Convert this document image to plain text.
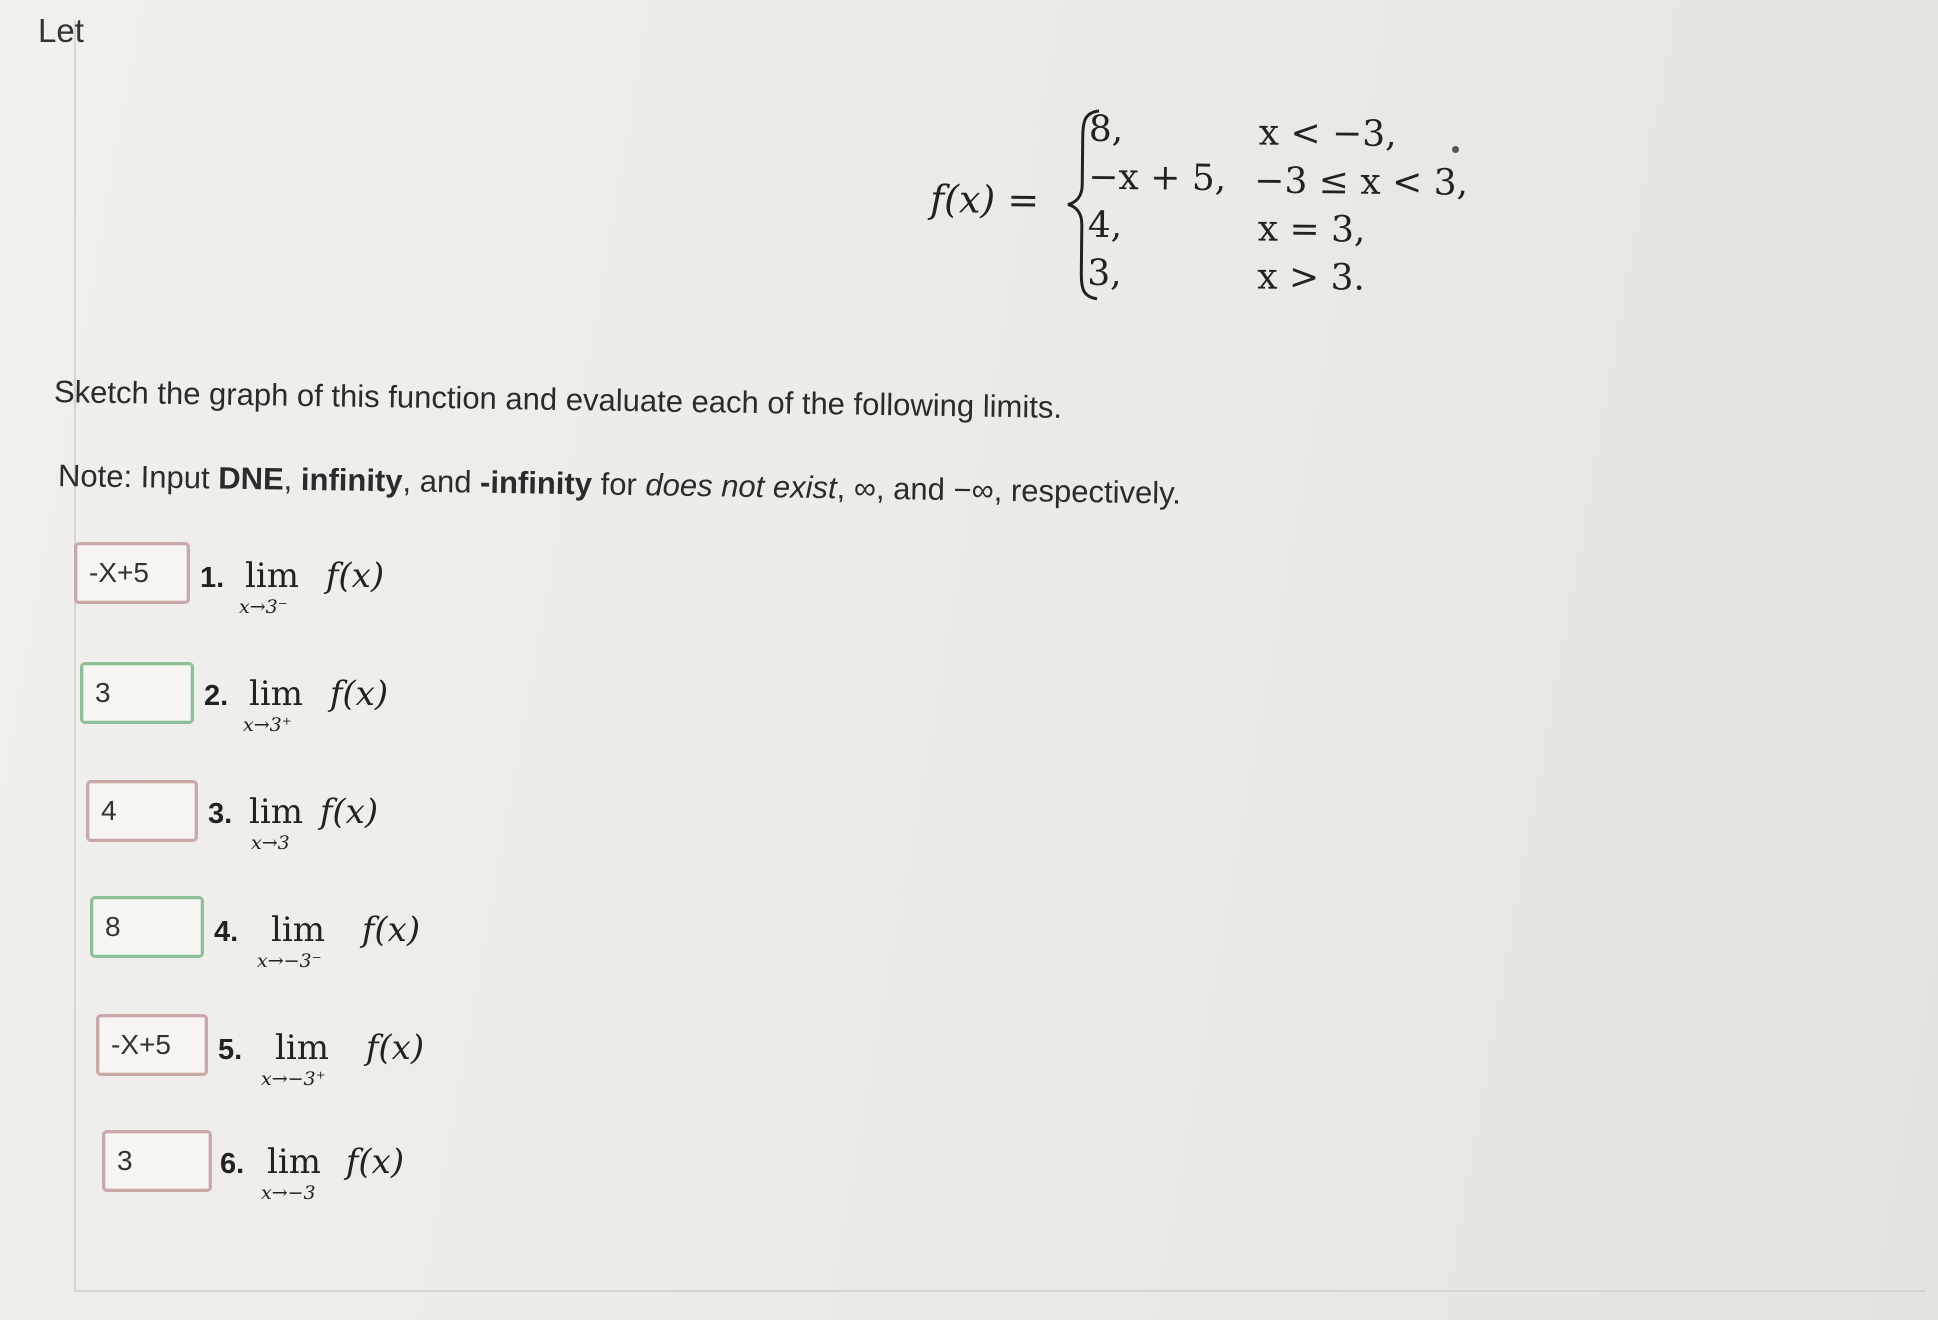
Let
f(x) =
8,	x < −3,
−x + 5, −3 ≤ x < 3,
4,	x = 3,
3,	x > 3.
Sketch the graph of this function and evaluate each of the following limits.
Note: Input DNE, infinity, and -infinity for does not exist, ∞, and −∞, respectively.
-X+5	1. lim
x→3⁻
f(x)
3	2. lim
x→3⁺
f(x)
4	3. lim
x→3
f(x)
8	4. lim
x→−3⁻
f(x)
-X+5	5. lim
x→−3⁺
f(x)
3	6. lim
x→−3
f(x)
